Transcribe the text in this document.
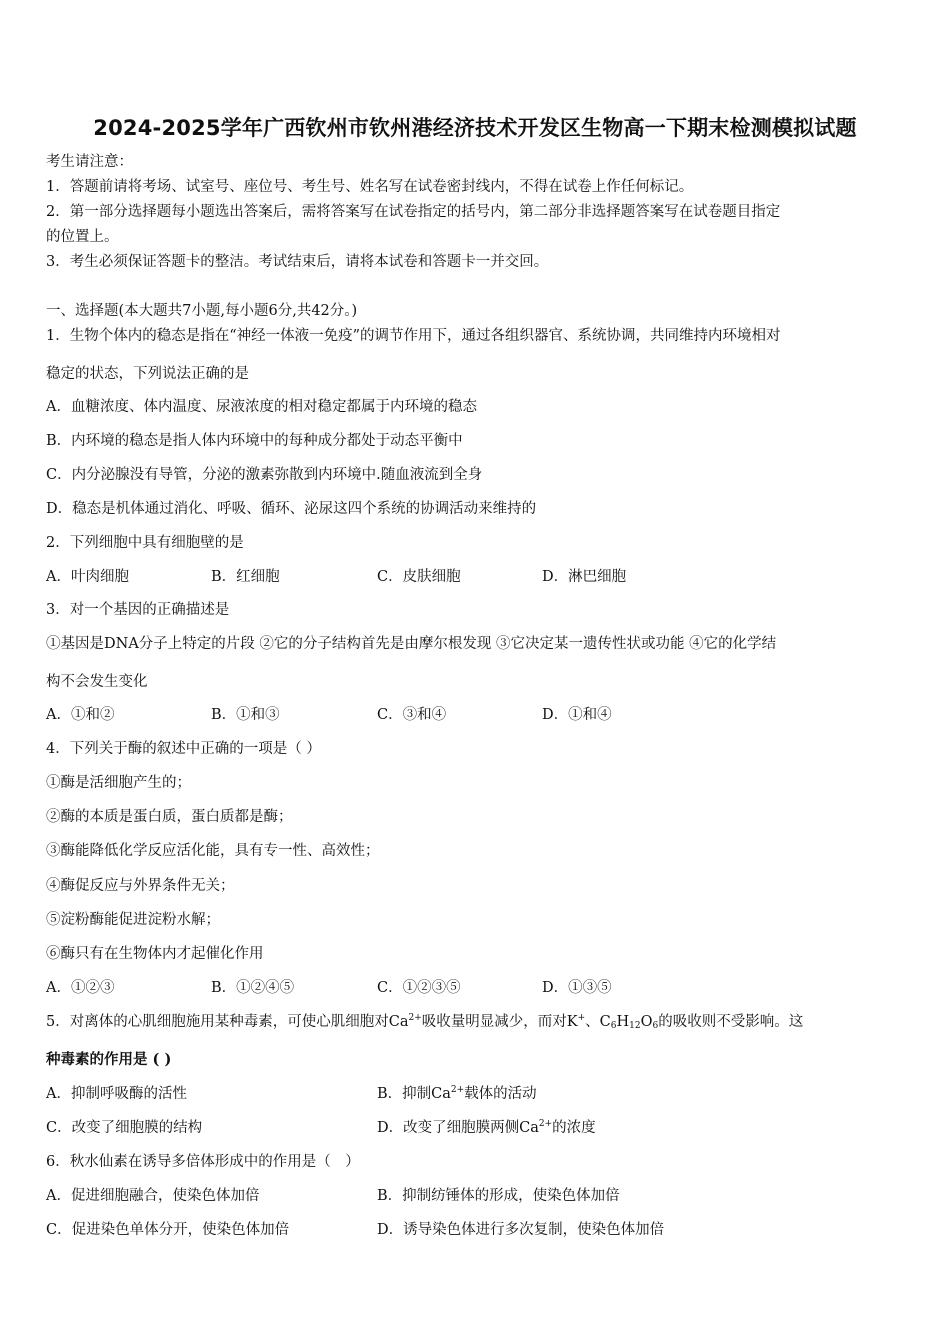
2024-2025学年广西钦州市钦州港经济技术开发区生物高一下期末检测模拟试题
考生请注意：
1．答题前请将考场、试室号、座位号、考生号、姓名写在试卷密封线内，不得在试卷上作任何标记。
2．第一部分选择题每小题选出答案后，需将答案写在试卷指定的括号内，第二部分非选择题答案写在试卷题目指定
的位置上。
3．考生必须保证答题卡的整洁。考试结束后，请将本试卷和答题卡一并交回。
一、选择题(本大题共7小题,每小题6分,共42分。)
1．生物个体内的稳态是指在“神经一体液一免疫”的调节作用下，通过各组织器官、系统协调，共同维持内环境相对
稳定的状态，下列说法正确的是
A．血糖浓度、体内温度、尿液浓度的相对稳定都属于内环境的稳态
B．内环境的稳态是指人体内环境中的每种成分都处于动态平衡中
C．内分泌腺没有导管，分泌的激素弥散到内环境中.随血液流到全身
D．稳态是机体通过消化、呼吸、循环、泌尿这四个系统的协调活动来维持的
2．下列细胞中具有细胞壁的是
A．叶肉细胞	B．红细胞	C．皮肤细胞	D．淋巴细胞
3．对一个基因的正确描述是
①基因是DNA分子上特定的片段 ②它的分子结构首先是由摩尔根发现 ③它决定某一遗传性状或功能 ④它的化学结
构不会发生变化
A．①和②	B．①和③	C．③和④	D．①和④
4．下列关于酶的叙述中正确的一项是（ ）
①酶是活细胞产生的；
②酶的本质是蛋白质，蛋白质都是酶；
③酶能降低化学反应活化能，具有专一性、高效性；
④酶促反应与外界条件无关；
⑤淀粉酶能促进淀粉水解；
⑥酶只有在生物体内才起催化作用
A．①②③	B．①②④⑤	C．①②③⑤	D．①③⑤
5．对离体的心肌细胞施用某种毒素，可使心肌细胞对$Ca^{2+}$吸收量明显减少，而对K+、$C_6H_{12}O_6$的吸收则不受影响。这
种毒素的作用是 ( )
A．抑制呼吸酶的活性	B．抑制$Ca^{2+}$载体的活动
C．改变了细胞膜的结构	D．改变了细胞膜两侧$Ca^{2+}$的浓度
6．秋水仙素在诱导多倍体形成中的作用是（　）
A．促进细胞融合，使染色体加倍	B．抑制纺锤体的形成，使染色体加倍
C．促进染色单体分开，使染色体加倍	D．诱导染色体进行多次复制，使染色体加倍
